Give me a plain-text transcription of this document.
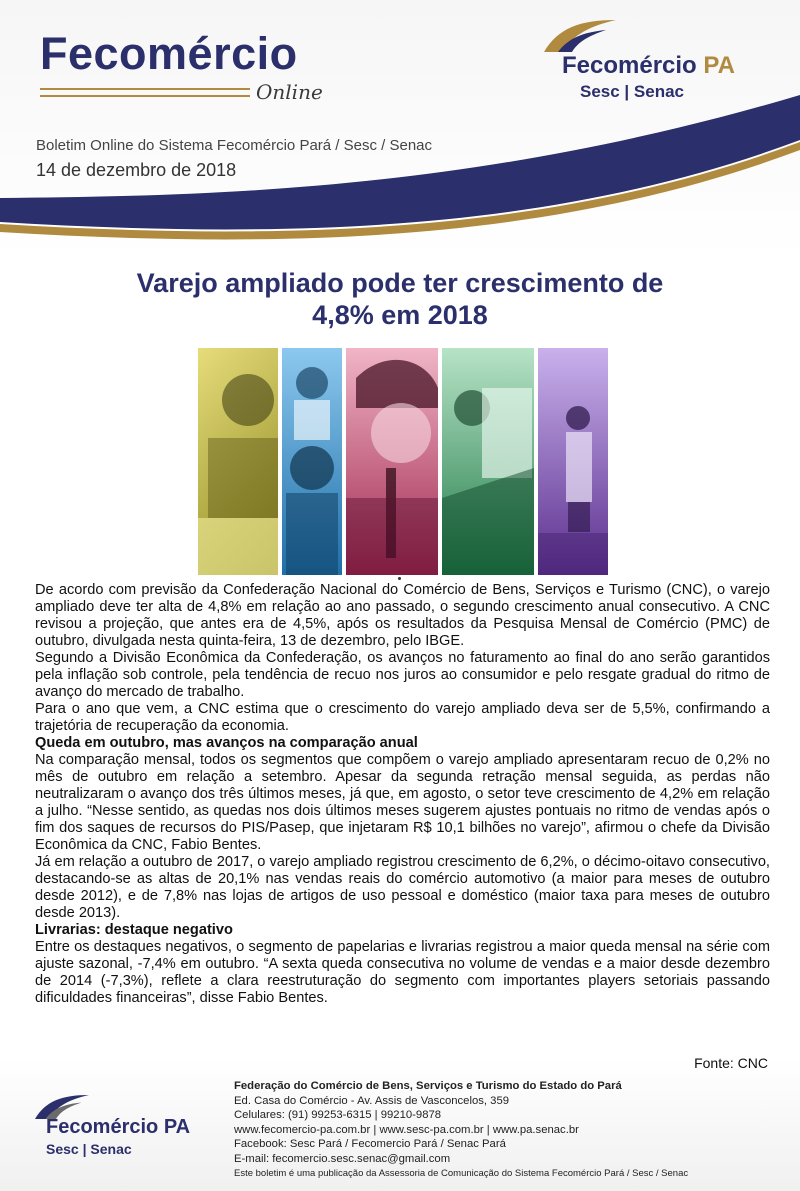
Fecomércio
Online
Fecomércio PA
Sesc | Senac
Boletim Online do Sistema Fecomércio Pará / Sesc / Senac
14 de dezembro de 2018
Varejo ampliado pode ter crescimento de
4,8% em 2018

De acordo com previsão da Confederação Nacional do Comércio de Bens, Serviços e Turismo (CNC), o varejo ampliado deve ter alta de 4,8% em relação ao ano passado, o segundo crescimento anual consecutivo. A CNC revisou a projeção, que antes era de 4,5%, após os resultados da Pesquisa Mensal de Comércio (PMC) de outubro, divulgada nesta quinta-feira, 13 de dezembro, pelo IBGE.

Segundo a Divisão Econômica da Confederação, os avanços no faturamento ao final do ano serão garantidos pela inflação sob controle, pela tendência de recuo nos juros ao consumidor e pelo resgate gradual do ritmo de avanço do mercado de trabalho.

Para o ano que vem, a CNC estima que o crescimento do varejo ampliado deva ser de 5,5%, confirmando a trajetória de recuperação da economia.

Queda em outubro, mas avanços na comparação anual

Na comparação mensal, todos os segmentos que compõem o varejo ampliado apresentaram recuo de 0,2% no mês de outubro em relação a setembro. Apesar da segunda retração mensal seguida, as perdas não neutralizaram o avanço dos três últimos meses, já que, em agosto, o setor teve crescimento de 4,2% em relação a julho. “Nesse sentido, as quedas nos dois últimos meses sugerem ajustes pontuais no ritmo de vendas após o fim dos saques de recursos do PIS/Pasep, que injetaram R$ 10,1 bilhões no varejo”, afirmou o chefe da Divisão Econômica da CNC, Fabio Bentes.

Já em relação a outubro de 2017, o varejo ampliado registrou crescimento de 6,2%, o décimo-oitavo consecutivo, destacando-se as altas de 20,1% nas vendas reais do comércio automotivo (a maior para meses de outubro desde 2012), e de 7,8% nas lojas de artigos de uso pessoal e doméstico (maior taxa para meses de outubro desde 2013).

Livrarias: destaque negativo

Entre os destaques negativos, o segmento de papelarias e livrarias registrou a maior queda mensal na série com ajuste sazonal, -7,4% em outubro. “A sexta queda consecutiva no volume de vendas e a maior desde dezembro de 2014 (-7,3%), reflete a clara reestruturação do segmento com importantes players setoriais passando dificuldades financeiras”, disse Fabio Bentes.

Fonte: CNC
Fecomércio PA
Sesc | Senac
Federação do Comércio de Bens, Serviços e Turismo do Estado do Pará
Ed. Casa do Comércio - Av. Assis de Vasconcelos, 359
Celulares: (91) 99253-6315 | 99210-9878
www.fecomercio-pa.com.br | www.sesc-pa.com.br | www.pa.senac.br
Facebook: Sesc Pará / Fecomercio Pará / Senac Pará
E-mail: fecomercio.sesc.senac@gmail.com
Este boletim é uma publicação da Assessoria de Comunicação do Sistema Fecomércio Pará / Sesc / Senac
